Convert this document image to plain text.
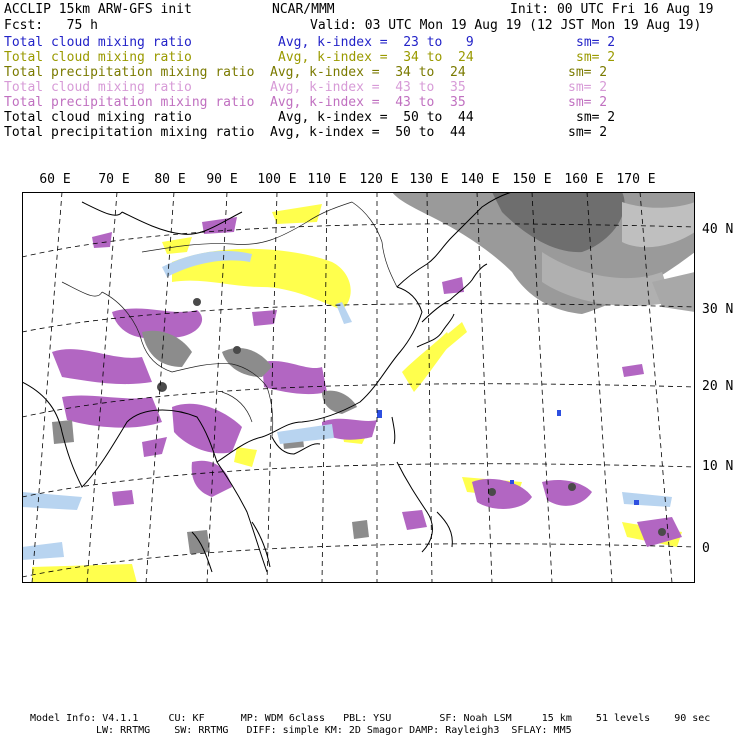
ACCLIP 15km ARW-GFS init	NCAR/MMM	Init: 00 UTC Fri 16 Aug 19
Fcst:   75 h	Valid: 03 UTC Mon 19 Aug 19 (12 JST Mon 19 Aug 19)
Total cloud mixing ratio	Avg, k-index =  23 to   9	sm= 2
Total cloud mixing ratio	Avg, k-index =  34 to  24	sm= 2
Total precipitation mixing ratio Avg, k-index =  34 to  24	sm= 2
Total cloud mixing ratio	Avg, k-index =  43 to  35	sm= 2
Total precipitation mixing ratio Avg, k-index =  43 to  35	sm= 2
Total cloud mixing ratio	Avg, k-index =  50 to  44	sm= 2
Total precipitation mixing ratio Avg, k-index =  50 to  44	sm= 2
60 E 70 E 80 E 90 E 100 E 110 E 120 E 130 E 140 E 150 E 160 E 170 E
40 N
30 N
20 N
10 N
0
Model Info: V4.1.1     CU: KF      MP: WDM 6class   PBL: YSU        SF: Noah LSM     15 km    51 levels    90 sec
LW: RRTMG    SW: RRTMG   DIFF: simple KM: 2D Smagor DAMP: Rayleigh3  SFLAY: MM5
